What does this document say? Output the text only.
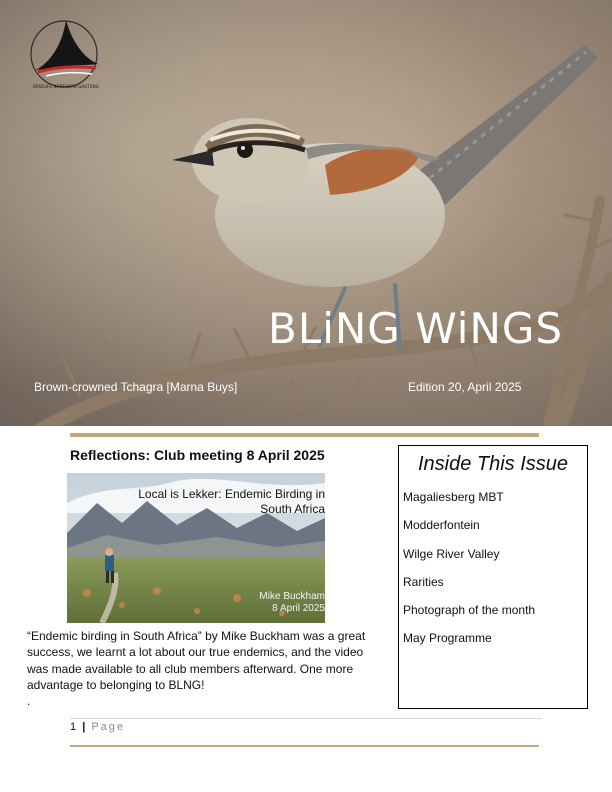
BIRDLIFE NORTHERN GAUTENG
BLiNG WiNGS
Brown-crowned Tchagra [Marna Buys]	Edition 20, April 2025
Reflections: Club meeting 8 April 2025
Local is Lekker: Endemic Birding in South Africa
Mike Buckham
8 April 2025

“Endemic birding in South Africa” by Mike Buckham was a great success, we learnt a lot about our true endemics, and the video was made available to all club members afterward. One more advantage to belonging to BLNG!

.

Inside This Issue
Magaliesberg MBT
Modderfontein
Wilge River Valley
Rarities
Photograph of the month
May Programme
1 | Page
